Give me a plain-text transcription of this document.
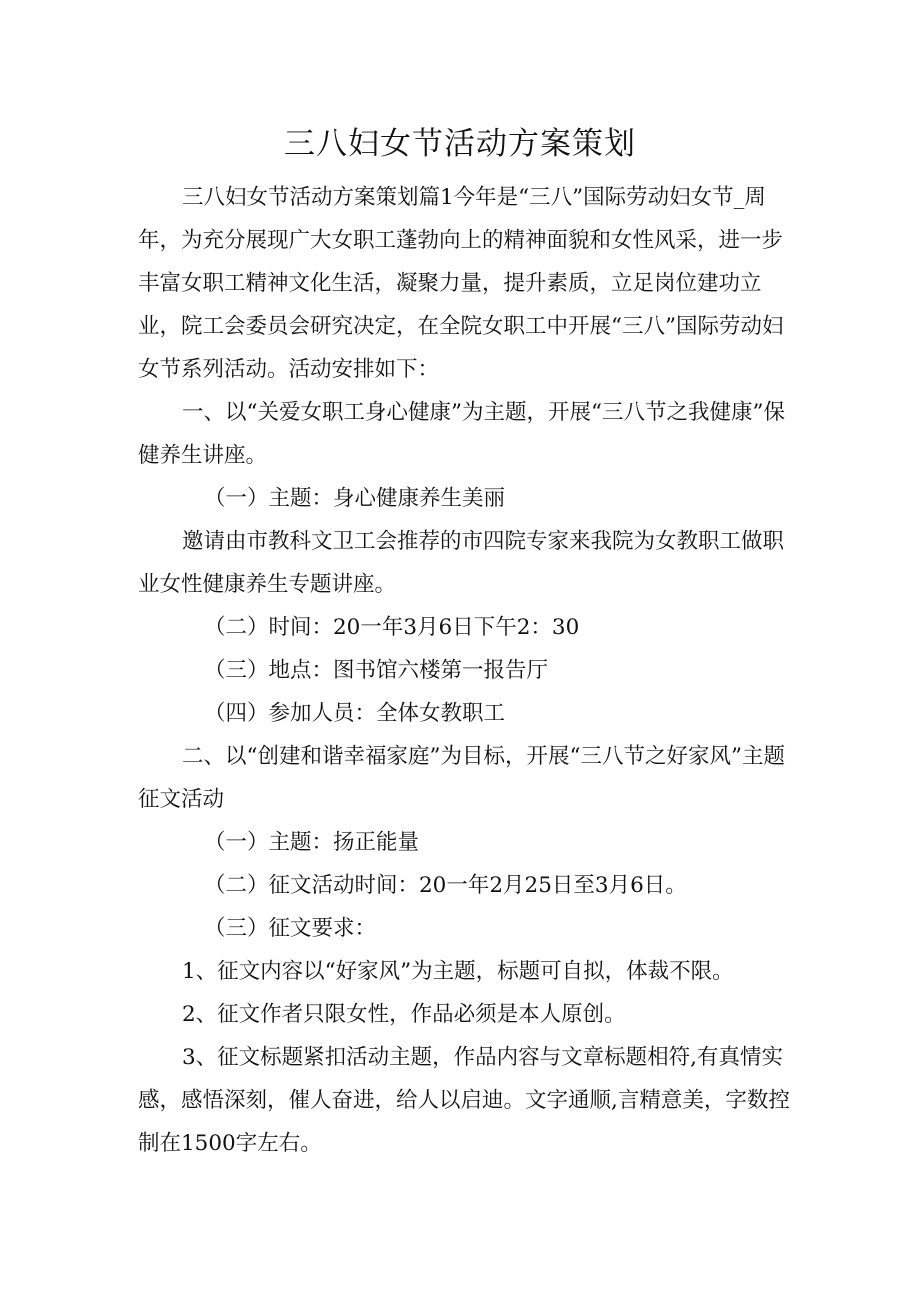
三八妇女节活动方案策划

三八妇女节活动方案策划篇1今年是“三八”国际劳动妇女节_周年，为充分展现广大女职工蓬勃向上的精神面貌和女性风采，进一步丰富女职工精神文化生活，凝聚力量，提升素质，立足岗位建功立业，院工会委员会研究决定，在全院女职工中开展“三八”国际劳动妇女节系列活动。活动安排如下：

一、以“关爱女职工身心健康”为主题，开展“三八节之我健康”保健养生讲座。

（一）主题：身心健康养生美丽

邀请由市教科文卫工会推荐的市四院专家来我院为女教职工做职业女性健康养生专题讲座。

（二）时间：20一年3月6日下午2：30

（三）地点：图书馆六楼第一报告厅

（四）参加人员：全体女教职工

二、以“创建和谐幸福家庭”为目标，开展“三八节之好家风”主题征文活动

（一）主题：扬正能量

（二）征文活动时间：20一年2月25日至3月6日。

（三）征文要求：

1、征文内容以“好家风”为主题，标题可自拟，体裁不限。

2、征文作者只限女性，作品必须是本人原创。

3、征文标题紧扣活动主题，作品内容与文章标题相符,有真情实感，感悟深刻，催人奋进，给人以启迪。文字通顺,言精意美，字数控制在1500字左右。
